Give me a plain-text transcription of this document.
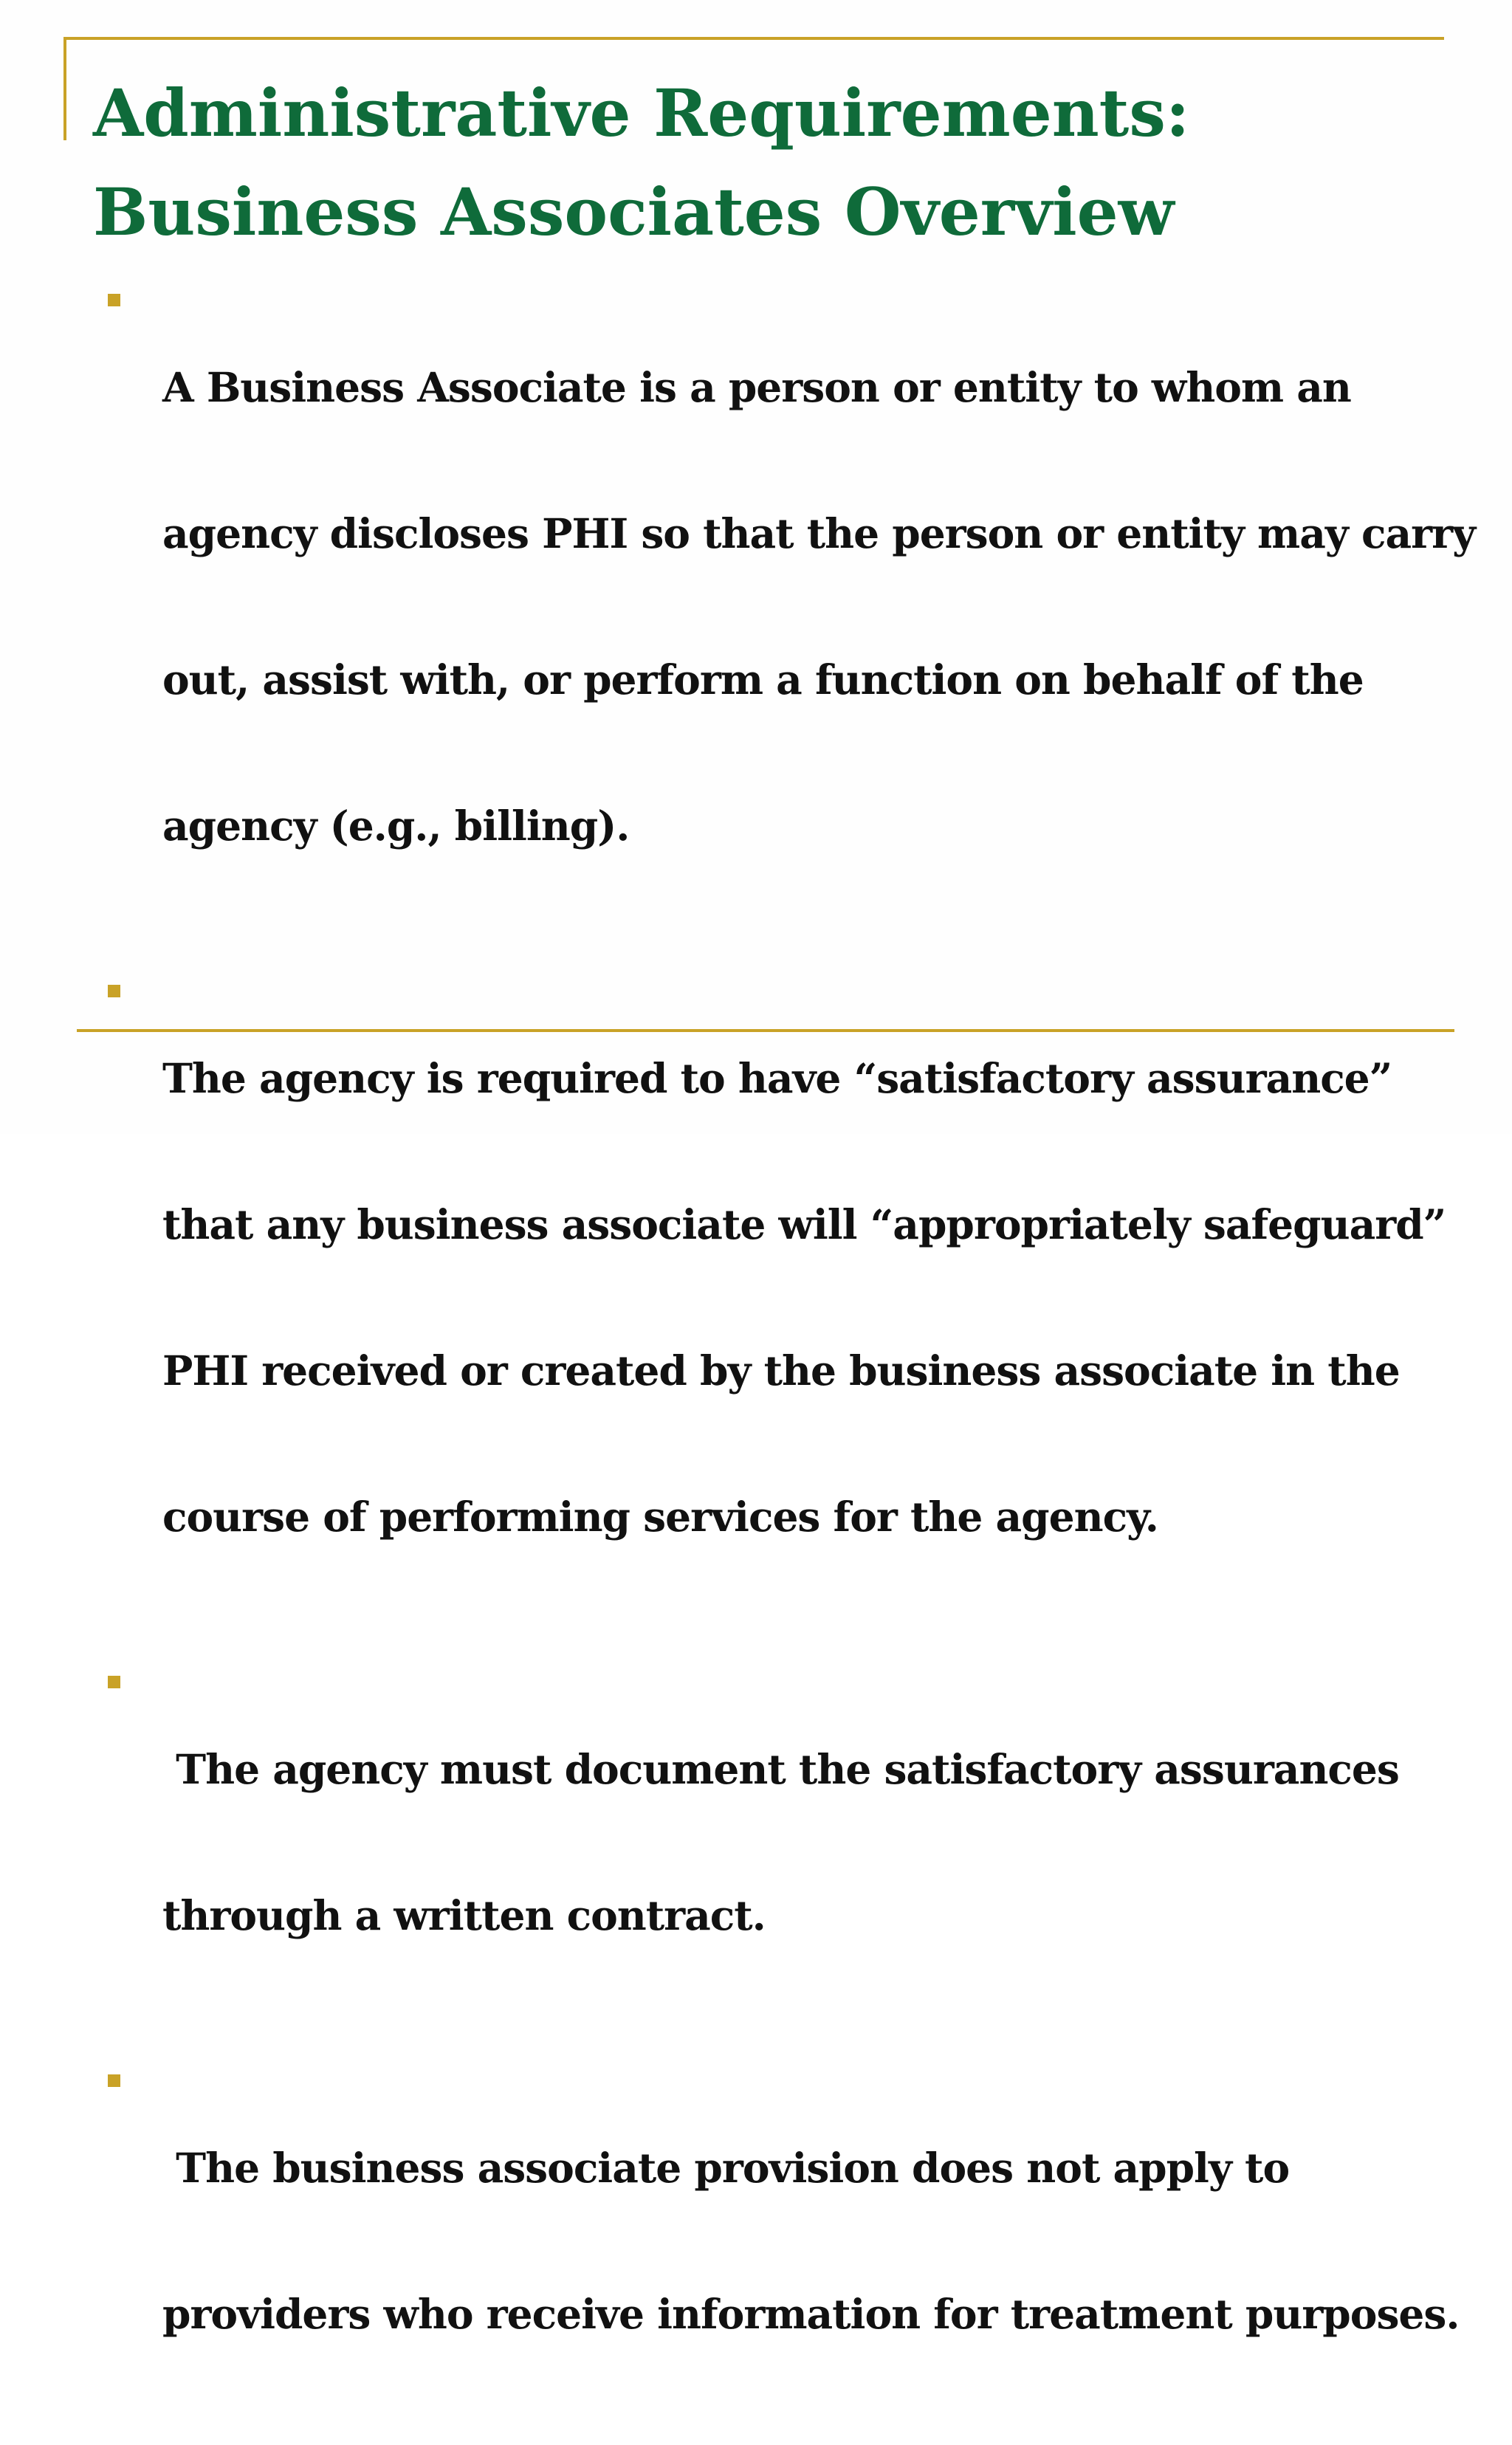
Administrative Requirements:
Business Associates Overview

A Business Associate is a person or entity to whom an

agency discloses PHI so that the person or entity may carry

out, assist with, or perform a function on behalf of the

agency (e.g., billing).

The agency is required to have “satisfactory assurance”

that any business associate will “appropriately safeguard”

PHI received or created by the business associate in the

course of performing services for the agency.

The agency must document the satisfactory assurances

through a written contract.

The business associate provision does not apply to

providers who receive information for treatment purposes.
